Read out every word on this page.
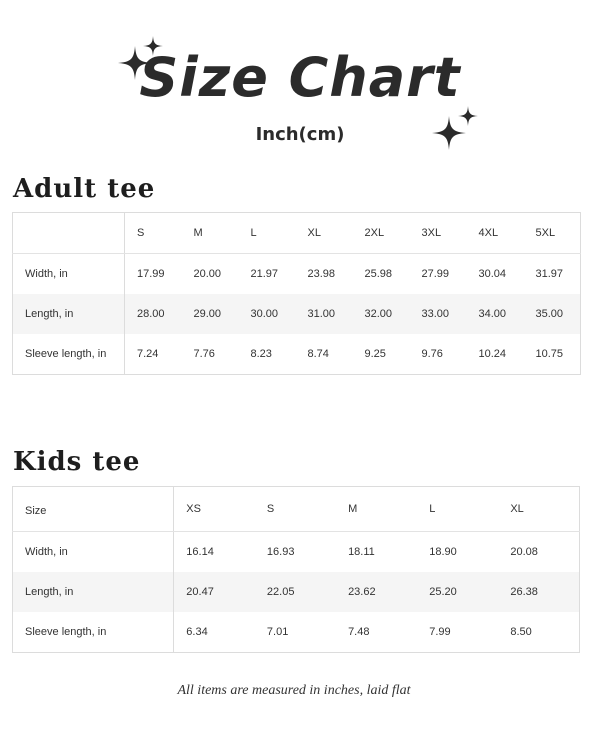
Size Chart
Inch(cm)
Adult tee
	S	M	L	XL	2XL	3XL	4XL	5XL
Width, in	17.99	20.00	21.97	23.98	25.98	27.99	30.04	31.97
Length, in	28.00	29.00	30.00	31.00	32.00	33.00	34.00	35.00
Sleeve length, in	7.24	7.76	8.23	8.74	9.25	9.76	10.24	10.75
Kids tee
Size	XS	S	M	L	XL
Width, in	16.14	16.93	18.11	18.90	20.08
Length, in	20.47	22.05	23.62	25.20	26.38
Sleeve length, in	6.34	7.01	7.48	7.99	8.50
All items are measured in inches, laid flat
